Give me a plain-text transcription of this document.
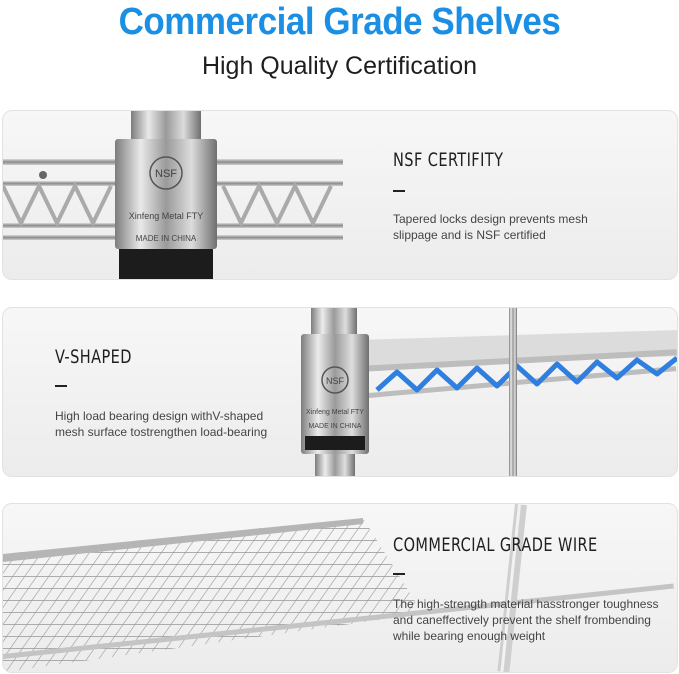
Commercial Grade Shelves
High Quality Certification
NSF
Xinfeng Metal FTY
MADE IN CHINA
NSF CERTIFITY
Tapered locks design prevents mesh
slippage and is NSF certified
V-SHAPED
High load bearing design withV-shaped
mesh surface tostrengthen load-bearing
NSF
Xinfeng Metal FTY
MADE IN CHINA
COMMERCIAL GRADE WIRE
The high-strength material hasstronger toughness
and caneffectively prevent the shelf frombending
while bearing enough weight
